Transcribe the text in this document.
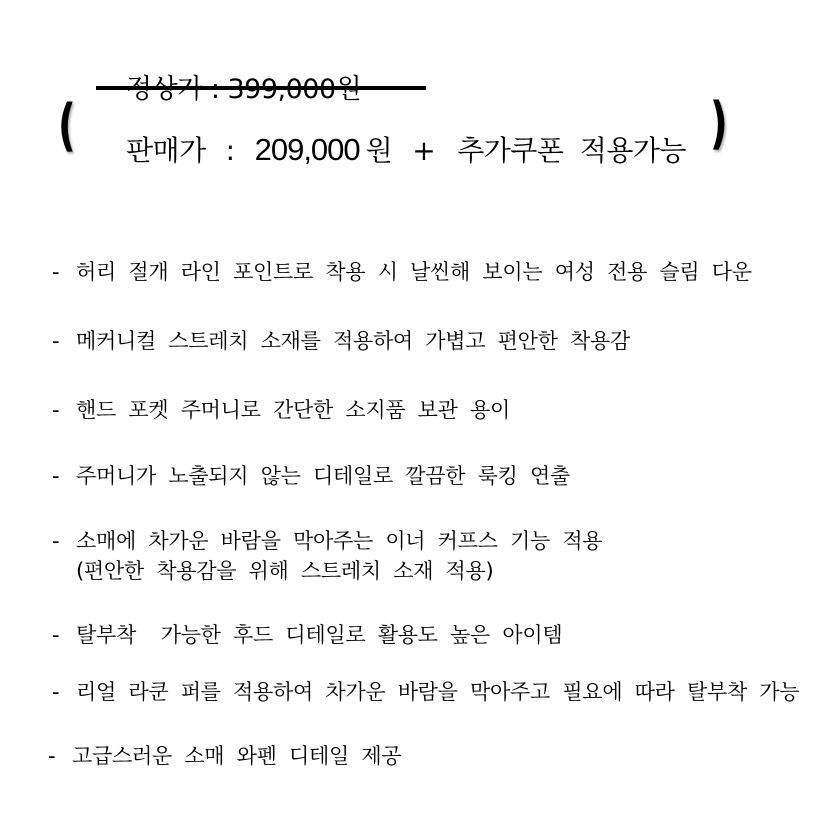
( 판매가 : 209,000 원 + 추가쿠폰 적용가능 )
- 허리 절개 라인 포인트로 착용 시 날씬해 보이는 여성 전용 슬림 다운
- 메커니컬 스트레치 소재를 적용하여 가볍고 편안한 착용감
- 핸드 포켓 주머니로 간단한 소지품 보관 용이
- 주머니가 노출되지 않는 디테일로 깔끔한 룩킹 연출
- 소매에 차가운 바람을 막아주는 이너 커프스 기능 적용
(편안한 착용감을 위해 스트레치 소재 적용)
- 탈부착  가능한 후드 디테일로 활용도 높은 아이템
- 리얼 라쿤 퍼를 적용하여 차가운 바람을 막아주고 필요에 따라 탈부착 가능
- 고급스러운 소매 와펜 디테일 제공
